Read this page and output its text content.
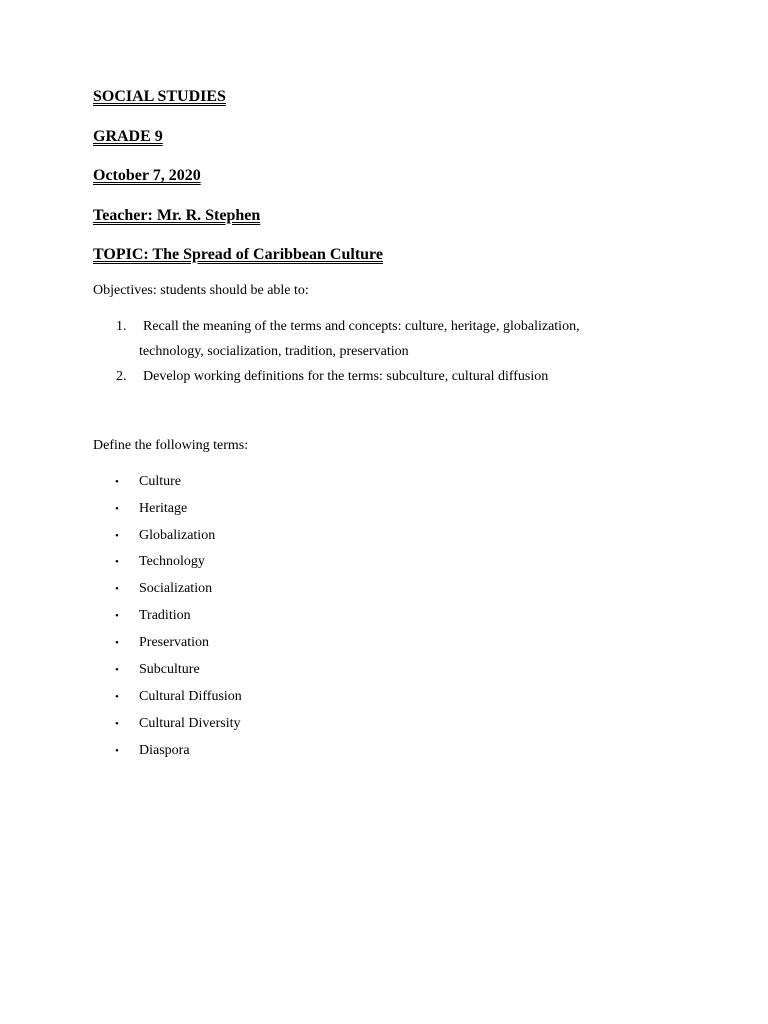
SOCIAL STUDIES
GRADE 9
October 7, 2020
Teacher: Mr. R. Stephen
TOPIC: The Spread of Caribbean Culture
Objectives: students should be able to:
1. Recall the meaning of the terms and concepts: culture, heritage, globalization,
technology, socialization, tradition, preservation
2. Develop working definitions for the terms: subculture, cultural diffusion
Define the following terms:
• Culture
• Heritage
• Globalization
• Technology
• Socialization
• Tradition
• Preservation
• Subculture
• Cultural Diffusion
• Cultural Diversity
• Diaspora
